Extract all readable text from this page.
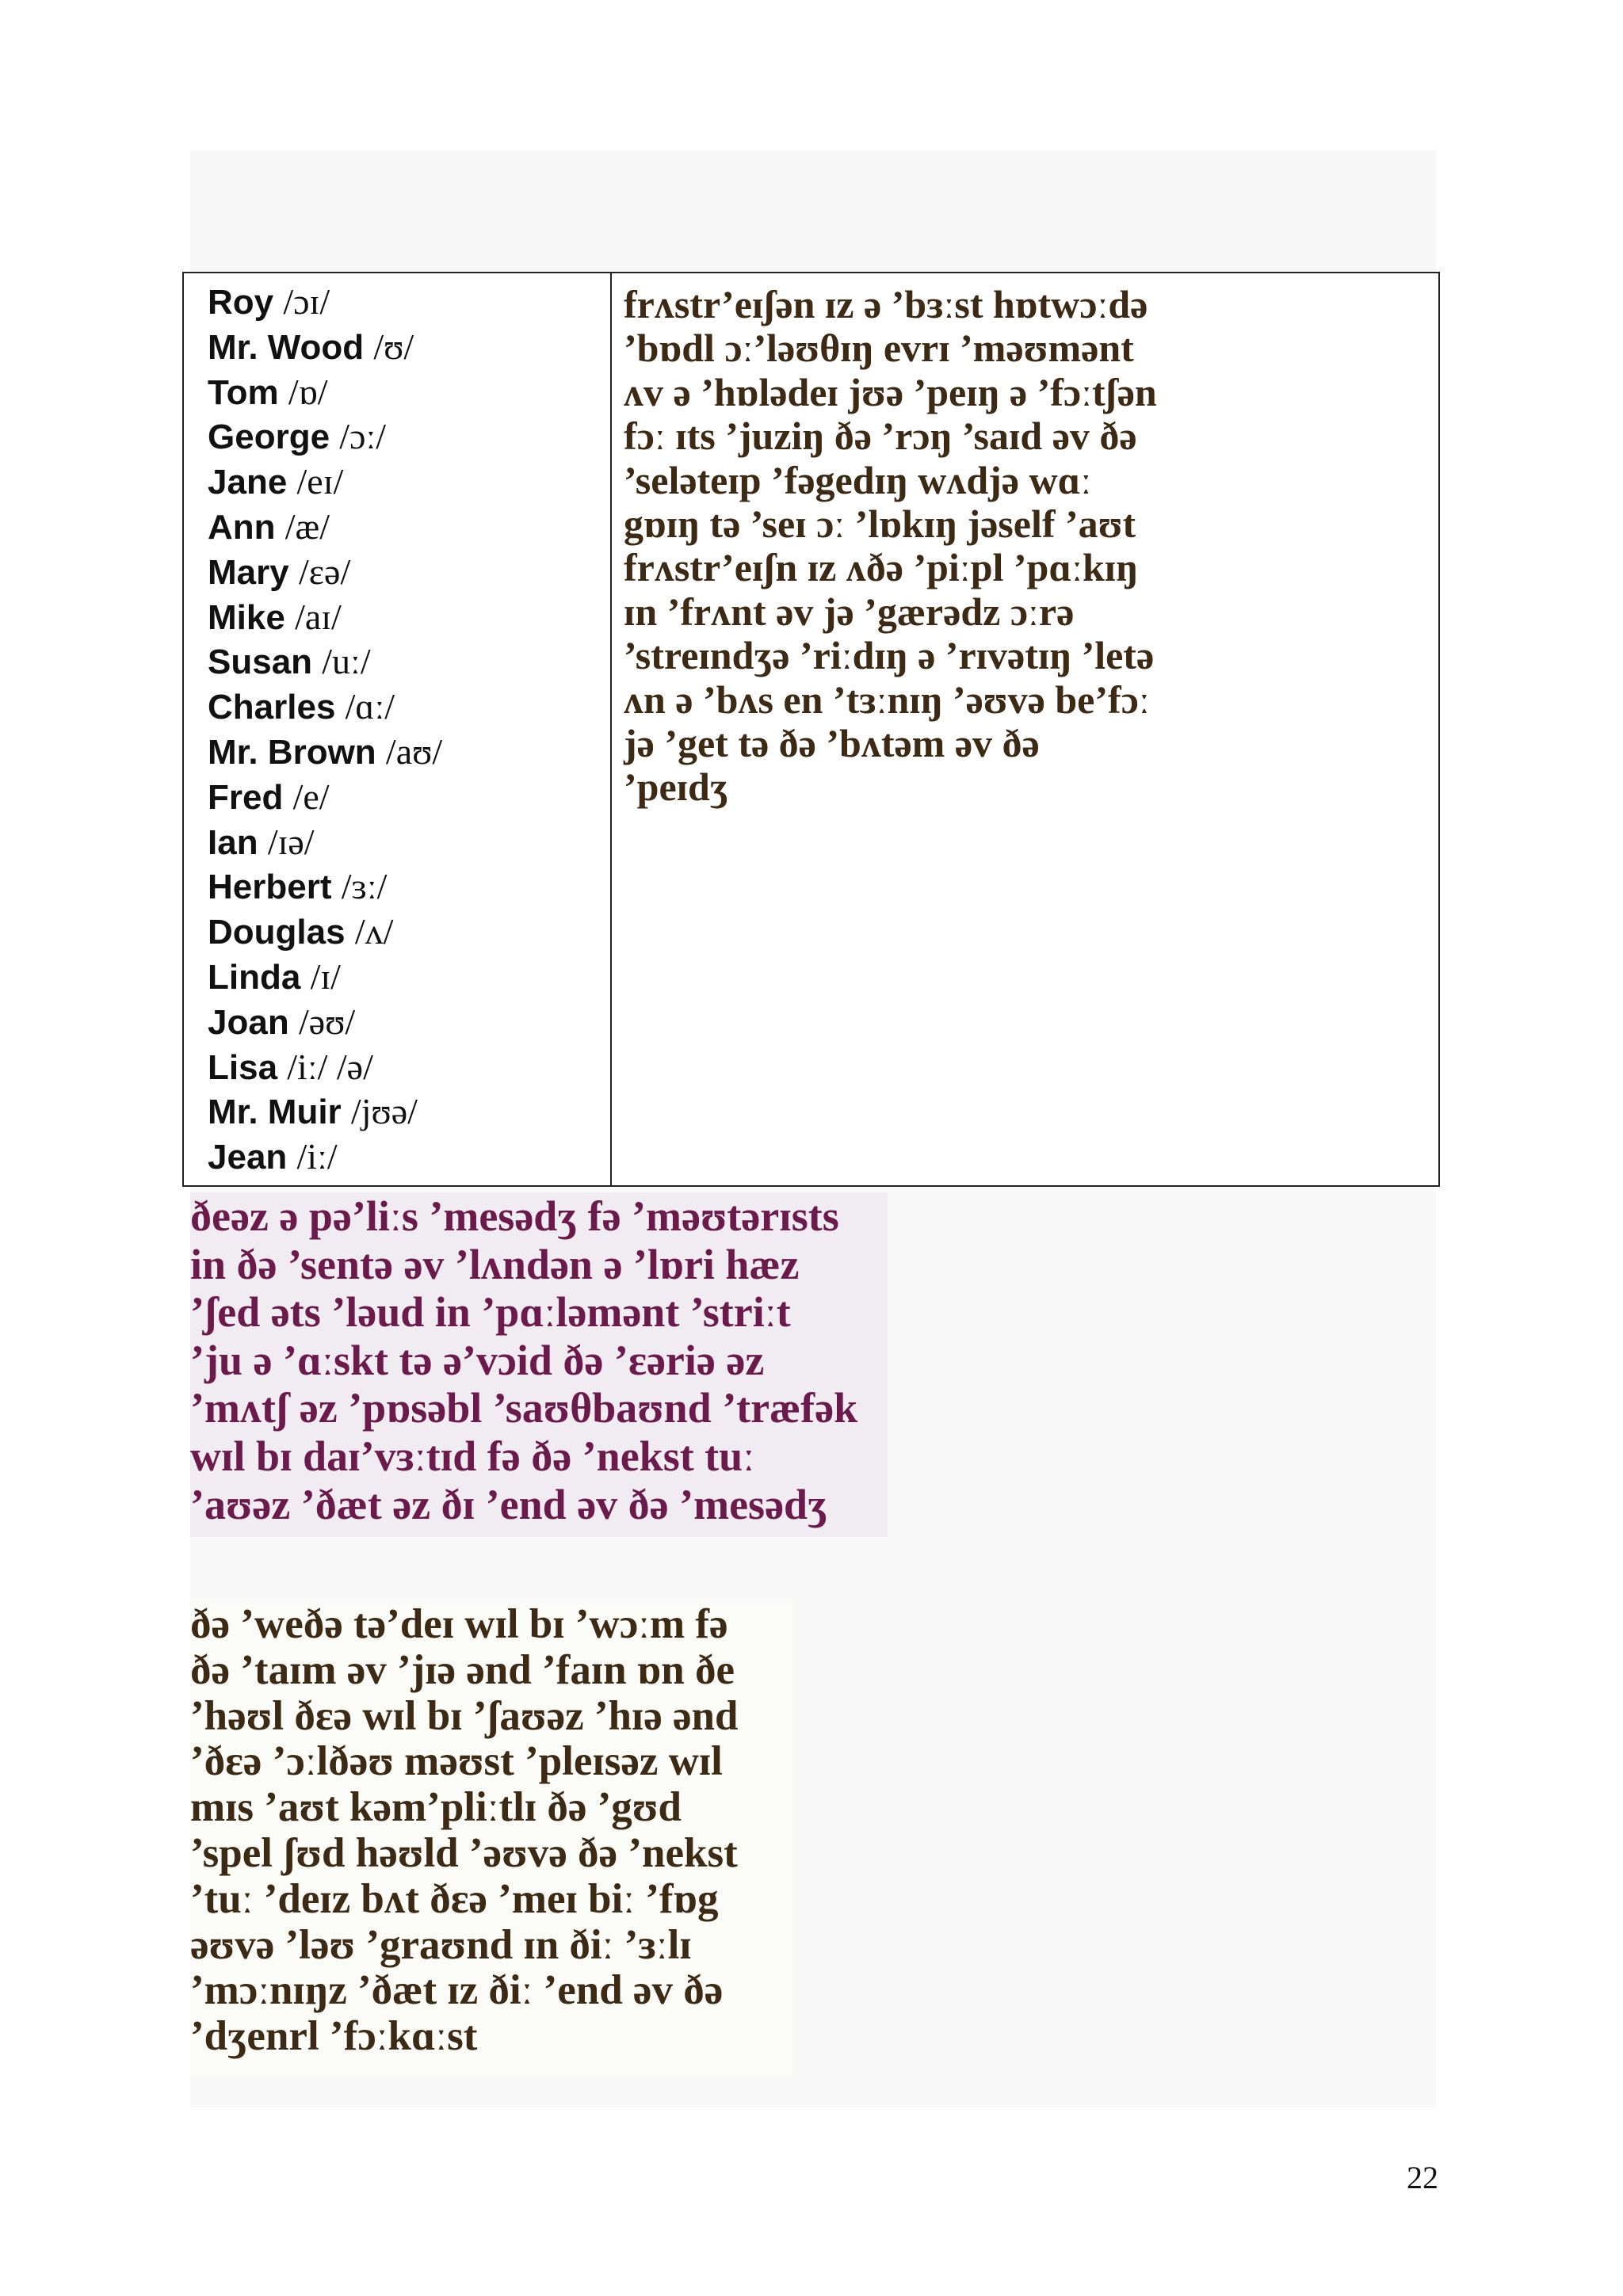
Roy /ɔɪ/
Mr. Wood /ʊ/
Tom /ɒ/
George /ɔː/
Jane /eɪ/
Ann /æ/
Mary /ɛə/
Mike /aɪ/
Susan /uː/
Charles /ɑː/
Mr. Brown /aʊ/
Fred /e/
Ian /ɪə/
Herbert /ɜː/
Douglas /ʌ/
Linda /ɪ/
Joan /əʊ/
Lisa /iː/ /ə/
Mr. Muir /jʊə/
Jean /iː/
frʌstr’eɪʃən ɪz ə ’bɜːst hɒtwɔːdə
’bɒdl ɔː’ləʊθɪŋ evrɪ ’məʊmənt
ʌv ə ’hɒlədeɪ jʊə ’peɪŋ ə ’fɔːtʃən
fɔː ɪts ’juziŋ ðə ’rɔŋ ’saɪd əv ðə
’selətеɪp ’fəgedɪŋ wʌdjə wɑː
gɒɪŋ tə ’seɪ ɔː ’lɒkɪŋ jəself ’aʊt
frʌstr’eɪʃn ɪz ʌðə ’piːpl ’pɑːkɪŋ
ɪn ’frʌnt əv jə ’gærədz ɔːrə
’streɪndʒə ’riːdɪŋ ə ’rɪvətɪŋ ’letə
ʌn ə ’bʌs en ’tɜːnɪŋ ’əʊvə be’fɔː
jə ’get tə ðə ’bʌtəm əv ðə
’peɪdʒ
ðeəz ə pə’liːs ’mesədʒ fə ’məʊtərɪsts
in ðə ’sentə əv ’lʌndən ə ’lɒri hæz
’ʃed əts ’ləud in ’pɑːləmənt ’striːt
’ju ə ’ɑːskt tə ə’vɔid ðə ’ɛəriə əz
’mʌtʃ əz ’pɒsəbl ’saʊθbaʊnd ’træfək
wɪl bɪ daɪ’vɜːtɪd fə ðə ’nekst tuː
’aʊəz ’ðæt əz ðɪ ’end əv ðə ’mesədʒ
ðə ’weðə tə’deɪ wɪl bɪ ’wɔːm fə
ðə ’taɪm əv ’jɪə ənd ’faɪn ɒn ðe
’həʊl ðɛə wɪl bɪ ’ʃaʊəz ’hɪə ənd
’ðɛə ’ɔːlðəʊ məʊst ’pleɪsəz wɪl
mɪs ’aʊt kəm’pliːtlɪ ðə ’gʊd
’spel ʃʊd həʊld ’əʊvə ðə ’nekst
’tuː ’deɪz bʌt ðɛə ’meɪ biː ’fɒg
əʊvə ’ləʊ ’graʊnd ɪn ðiː ’ɜːlɪ
’mɔːnɪŋz ’ðæt ɪz ðiː ’end əv ðə
’dʒenrl ’fɔːkɑːst
22
